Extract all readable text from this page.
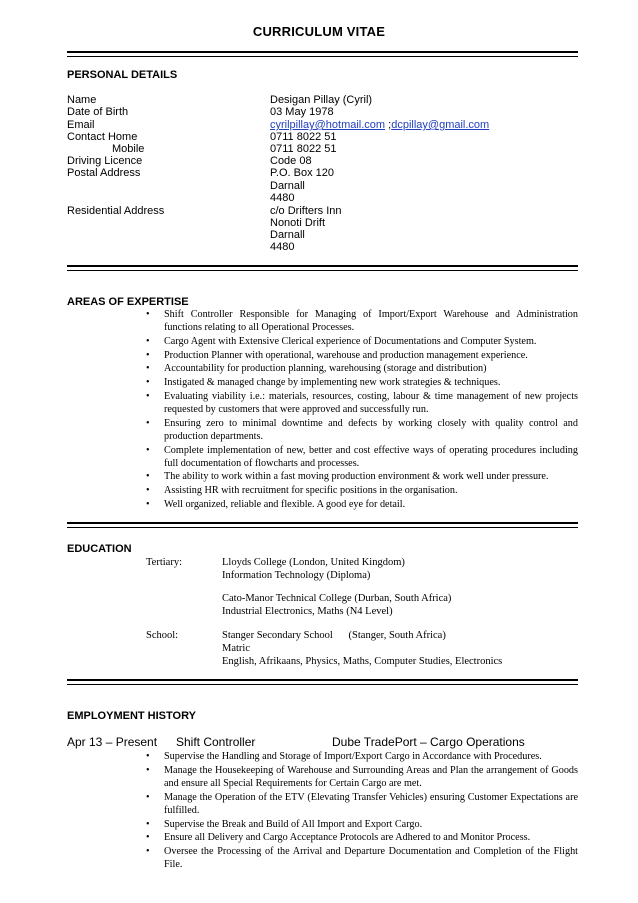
CURRICULUM VITAE
PERSONAL DETAILS
Name	Desigan Pillay (Cyril)
Date of Birth	03 May 1978
Email	cyrilpillay@hotmail.com ;dcpillay@gmail.com
Contact Home	0711 8022 51
Mobile	0711 8022 51
Driving Licence	Code 08
Postal Address	P.O. Box 120
Darnall
4480
Residential Address	c/o Drifters Inn
Nonoti Drift
Darnall
4480
AREAS OF EXPERTISE
• Shift Controller Responsible for Managing of Import/Export Warehouse and Administration functions relating to all Operational Processes.
• Cargo Agent with Extensive Clerical experience of Documentations and Computer System.
• Production Planner with operational, warehouse and production management experience.
• Accountability for production planning, warehousing (storage and distribution)
• Instigated & managed change by implementing new work strategies & techniques.
• Evaluating viability i.e.: materials, resources, costing, labour & time management of new projects requested by customers that were approved and successfully run.
• Ensuring zero to minimal downtime and defects by working closely with quality control and production departments.
• Complete implementation of new, better and cost effective ways of operating procedures including full documentation of flowcharts and processes.
• The ability to work within a fast moving production environment & work well under pressure.
• Assisting HR with recruitment for specific positions in the organisation.
• Well organized, reliable and flexible. A good eye for detail.
EDUCATION
Tertiary:	Lloyds College (London, United Kingdom)
Information Technology (Diploma)
Cato-Manor Technical College (Durban, South Africa)
Industrial Electronics, Maths (N4 Level)
School:	Stanger Secondary School      (Stanger, South Africa)
Matric
English, Afrikaans, Physics, Maths, Computer Studies, Electronics
EMPLOYMENT HISTORY
Apr 13 – Present Shift Controller	Dube TradePort – Cargo Operations
• Supervise the Handling and Storage of Import/Export Cargo in Accordance with Procedures.
• Manage the Housekeeping of Warehouse and Surrounding Areas and Plan the arrangement of Goods and ensure all Special Requirements for Certain Cargo are met.
• Manage the Operation of the ETV (Elevating Transfer Vehicles) ensuring Customer Expectations are fulfilled.
• Supervise the Break and Build of All Import and Export Cargo.
• Ensure all Delivery and Cargo Acceptance Protocols are Adhered to and Monitor Process.
• Oversee the Processing of the Arrival and Departure Documentation and Completion of the Flight File.
